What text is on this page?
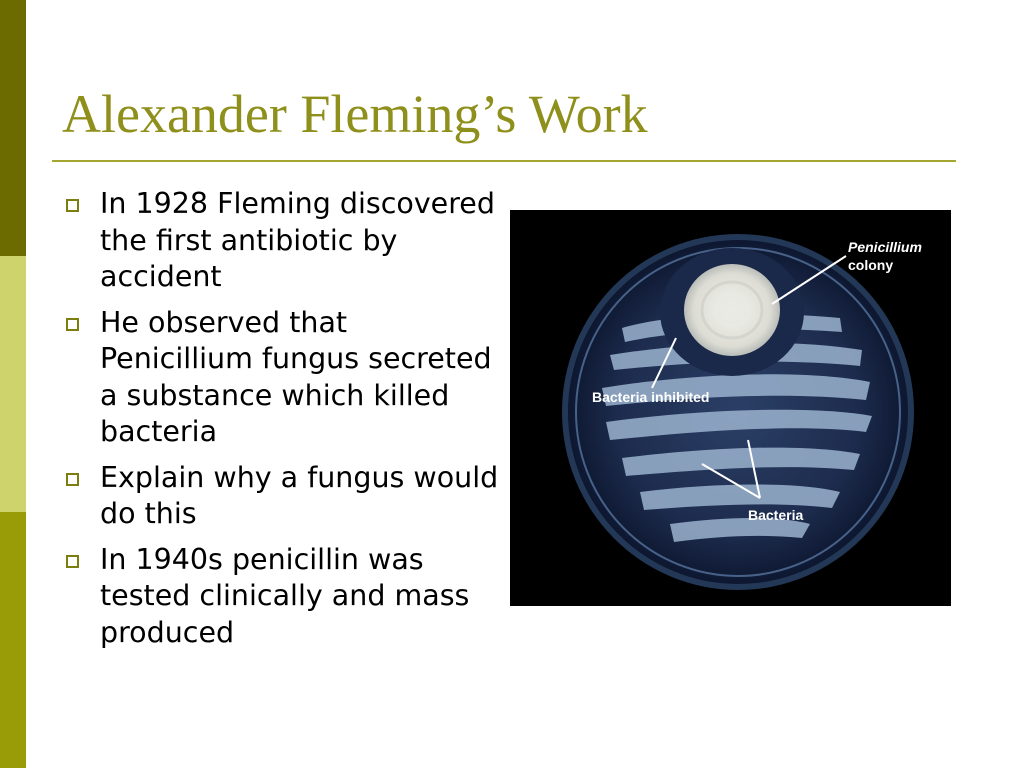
Alexander Fleming’s Work
In 1928 Fleming discovered the first antibiotic by accident
He observed that Penicillium fungus secreted a substance which killed bacteria
Explain why a fungus would do this
In 1940s penicillin was tested clinically and mass produced
Penicillium
colony
Bacteria inhibited
Bacteria
